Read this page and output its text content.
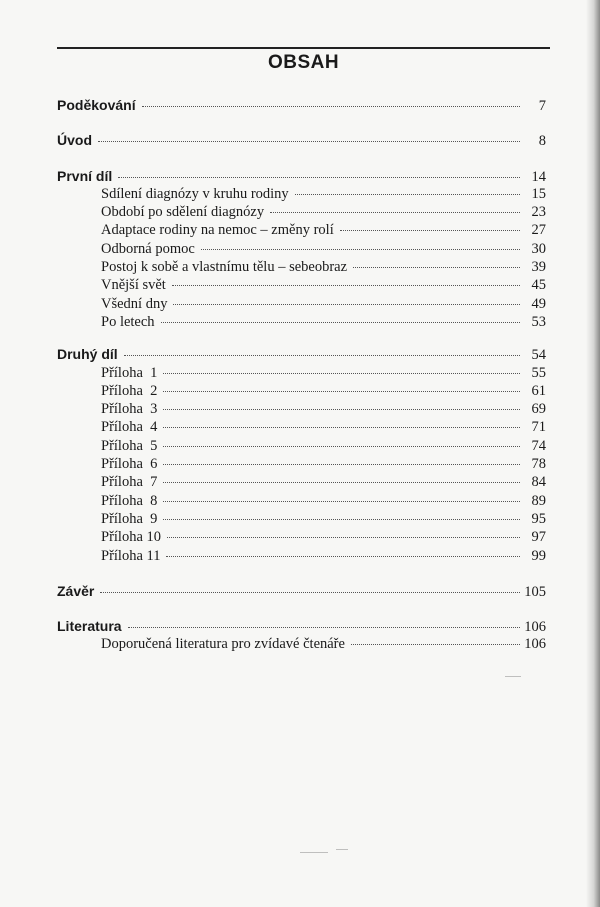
OBSAH
Poděkování	7
Úvod	8
První díl	14
Sdílení diagnózy v kruhu rodiny	15
Období po sdělení diagnózy	23
Adaptace rodiny na nemoc – změny rolí	27
Odborná pomoc	30
Postoj k sobě a vlastnímu tělu – sebeobraz	39
Vnější svět	45
Všední dny	49
Po letech	53
Druhý díl	54
Příloha  1	55
Příloha  2	61
Příloha  3	69
Příloha  4	71
Příloha  5	74
Příloha  6	78
Příloha  7	84
Příloha  8	89
Příloha  9	95
Příloha 10	97
Příloha 11	99
Závěr	105
Literatura	106
Doporučená literatura pro zvídavé čtenáře	106
